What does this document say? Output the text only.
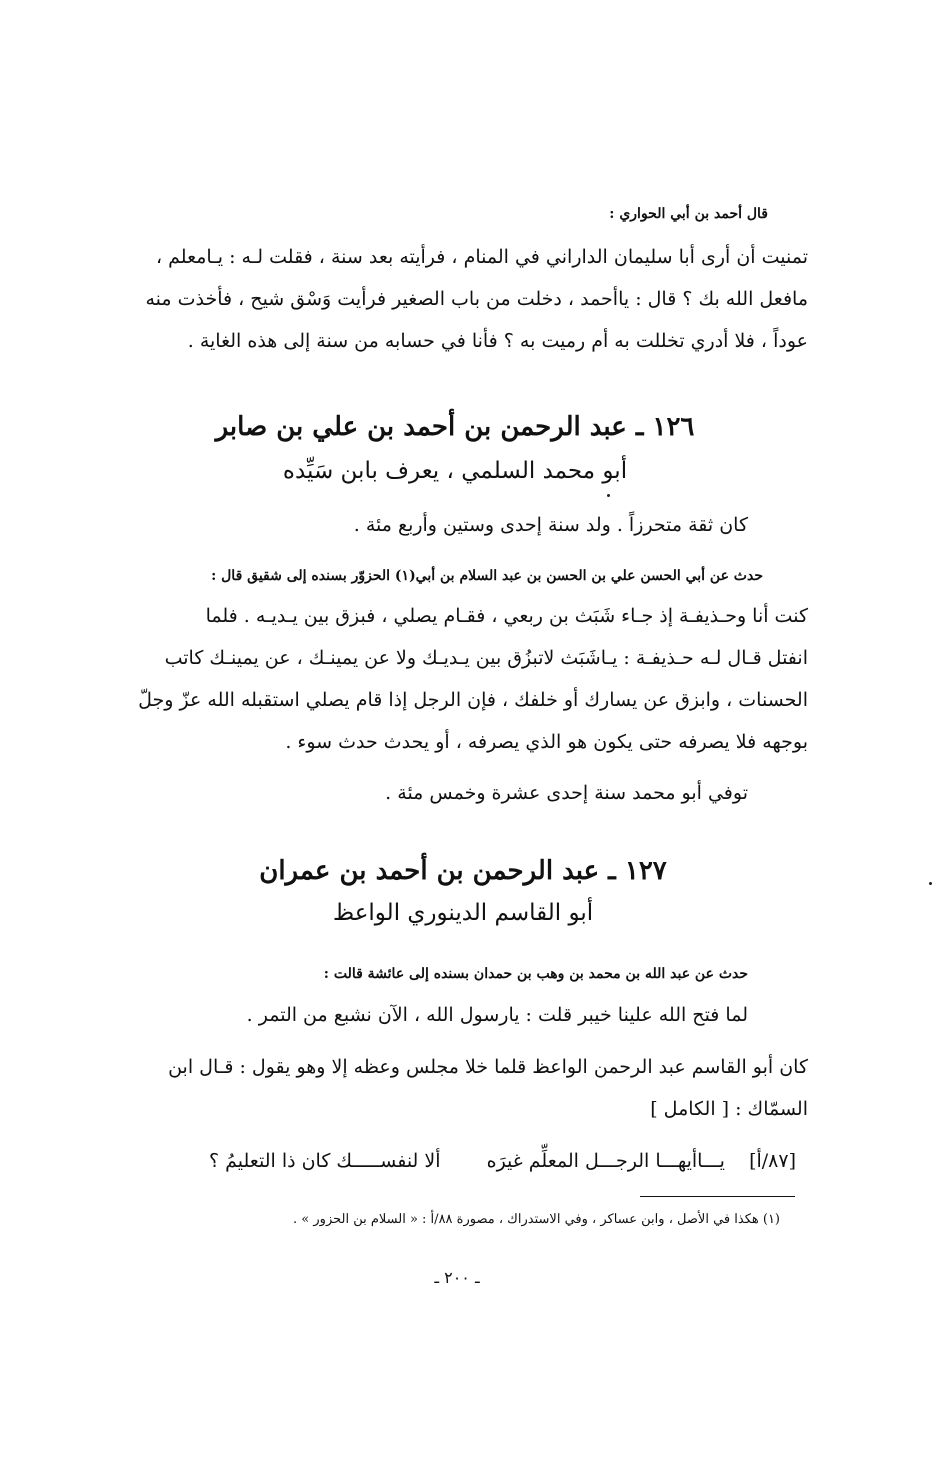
قال أحمد بن أبي الحواري :
تمنيت أن أرى أبا سليمان الداراني في المنام ، فرأيته بعد سنة ، فقلت لـه : يـامعلم ،
مافعل الله بك ؟ قال : ياأحمد ، دخلت من باب الصغير فرأيت وَسْق شيح ، فأخذت منه
عوداً ، فلا أدري تخللت به أم رميت به ؟ فأنا في حسابه من سنة إلى هذه الغاية .
١٢٦ ـ عبد الرحمن بن أحمد بن علي بن صابر
أبو محمد السلمي ، يعرف بابن سَيِّده
كان ثقة متحرزاً . ولد سنة إحدى وستين وأربع مئة .
حدث عن أبي الحسن علي بن الحسن بن عبد السلام بن أبي(١) الحزوّر بسنده إلى شقيق قال :
كنت أنا وحـذيفـة إذ جـاء شَبَث بن ربعي ، فقـام يصلي ، فبزق بين يـديـه . فلما
انفتل قـال لـه حـذيفـة : يـاشَبَث لاتبزُق بين يـديـك ولا عن يمينـك ، عن يمينـك كاتب
الحسنات ، وابزق عن يسارك أو خلفك ، فإن الرجل إذا قام يصلي استقبله الله عزّ وجلّ
بوجهه فلا يصرفه حتى يكون هو الذي يصرفه ، أو يحدث حدث سوء .
توفي أبو محمد سنة إحدى عشرة وخمس مئة .
١٢٧ ـ عبد الرحمن بن أحمد بن عمران
أبو القاسم الدينوري الواعظ
حدث عن عبد الله بن محمد بن وهب بن حمدان بسنده إلى عائشة قالت :
لما فتح الله علينا خيبر قلت : يارسول الله ، الآن نشبع من التمر .
كان أبو القاسم عبد الرحمن الواعظ قلما خلا مجلس وعظه إلا وهو يقول : قـال ابن
السمّاك : [ الكامل ]
[٨٧/أ]  يـــاأيهـــا الرجـــل المعلِّم غيرَه  ألا لنفســـــك كان ذا التعليمُ ؟
(١) هكذا في الأصل ، وابن عساكر ، وفي الاستدراك ، مصورة ٨٨/أ : « السلام بن الحزور » .
ـ ٢٠٠ ـ
